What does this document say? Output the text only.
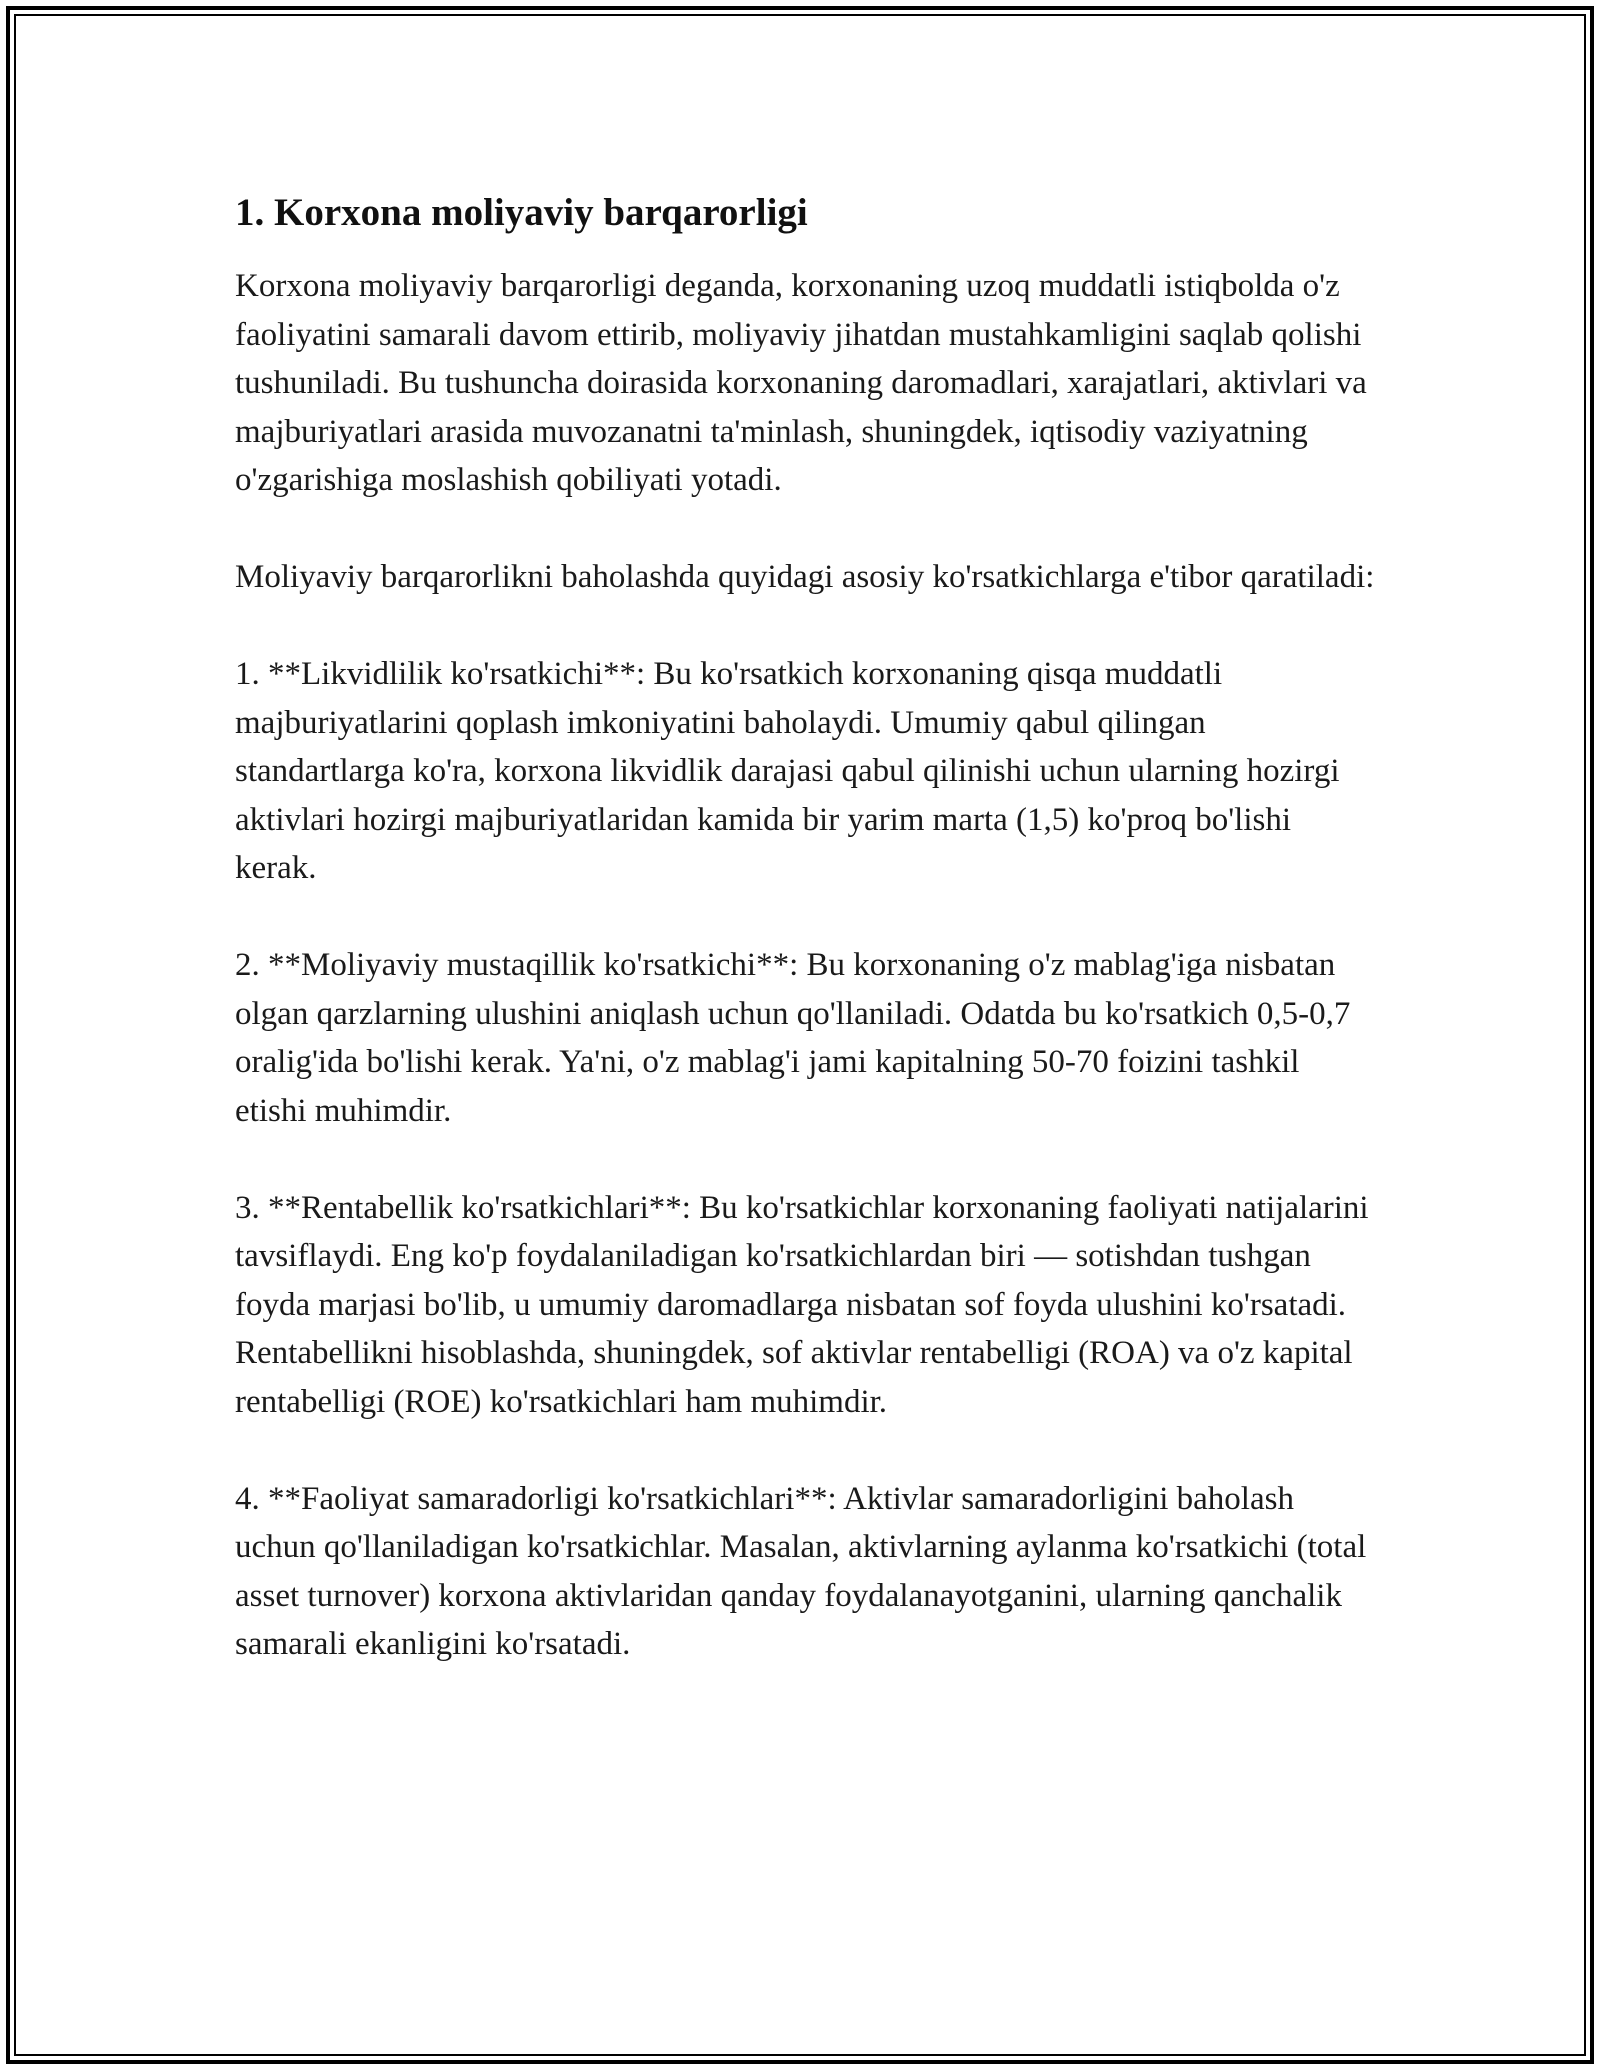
1. Korxona moliyaviy barqarorligi

Korxona moliyaviy barqarorligi deganda, korxonaning uzoq muddatli istiqbolda o'z faoliyatini samarali davom ettirib, moliyaviy jihatdan mustahkamligini saqlab qolishi tushuniladi. Bu tushuncha doirasida korxonaning daromadlari, xarajatlari, aktivlari va majburiyatlari arasida muvozanatni ta'minlash, shuningdek, iqtisodiy vaziyatning o'zgarishiga moslashish qobiliyati yotadi.

Moliyaviy barqarorlikni baholashda quyidagi asosiy ko'rsatkichlarga e'tibor qaratiladi:

1. **Likvidlilik ko'rsatkichi**: Bu ko'rsatkich korxonaning qisqa muddatli majburiyatlarini qoplash imkoniyatini baholaydi. Umumiy qabul qilingan standartlarga ko'ra, korxona likvidlik darajasi qabul qilinishi uchun ularning hozirgi aktivlari hozirgi majburiyatlaridan kamida bir yarim marta (1,5) ko'proq bo'lishi kerak.

2. **Moliyaviy mustaqillik ko'rsatkichi**: Bu korxonaning o'z mablag'iga nisbatan olgan qarzlarning ulushini aniqlash uchun qo'llaniladi. Odatda bu ko'rsatkich 0,5-0,7 oralig'ida bo'lishi kerak. Ya'ni, o'z mablag'i jami kapitalning 50-70 foizini tashkil etishi muhimdir.

3. **Rentabellik ko'rsatkichlari**: Bu ko'rsatkichlar korxonaning faoliyati natijalarini tavsiflaydi. Eng ko'p foydalaniladigan ko'rsatkichlardan biri — sotishdan tushgan foyda marjasi bo'lib, u umumiy daromadlarga nisbatan sof foyda ulushini ko'rsatadi. Rentabellikni hisoblashda, shuningdek, sof aktivlar rentabelligi (ROA) va o'z kapital rentabelligi (ROE) ko'rsatkichlari ham muhimdir.

4. **Faoliyat samaradorligi ko'rsatkichlari**: Aktivlar samaradorligini baholash uchun qo'llaniladigan ko'rsatkichlar. Masalan, aktivlarning aylanma ko'rsatkichi (total asset turnover) korxona aktivlaridan qanday foydalanayotganini, ularning qanchalik samarali ekanligini ko'rsatadi.
